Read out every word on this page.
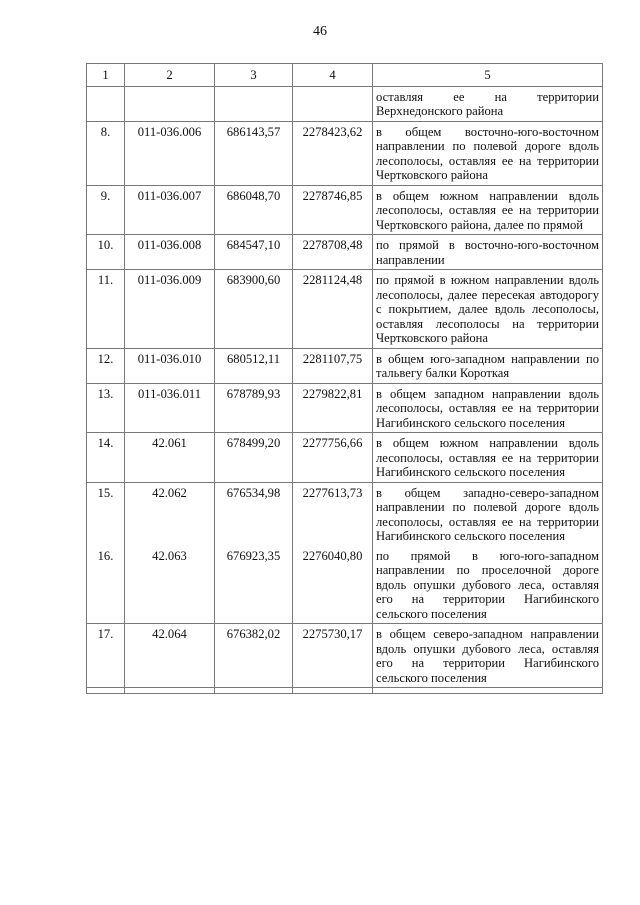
46
1	2	3	4	5
				оставляя ее на территории Верхнедонского района
8.	011-036.006	686143,57	2278423,62	в общем восточно-юго-восточном направлении по полевой дороге вдоль лесополосы, оставляя ее на территории Чертковского района
9.	011-036.007	686048,70	2278746,85	в общем южном направлении вдоль лесополосы, оставляя ее на территории Чертковского района, далее по прямой
10.	011-036.008	684547,10	2278708,48	по прямой в восточно-юго-восточном направлении
11.	011-036.009	683900,60	2281124,48	по прямой в южном направлении вдоль лесополосы, далее пересекая автодорогу с покрытием, далее вдоль лесополосы, оставляя лесополосы на территории Чертковского района
12.	011-036.010	680512,11	2281107,75	в общем юго-западном направлении по тальвегу балки Короткая
13.	011-036.011	678789,93	2279822,81	в общем западном направлении вдоль лесополосы, оставляя ее на территории Нагибинского сельского поселения
14.	42.061	678499,20	2277756,66	в общем южном направлении вдоль лесополосы, оставляя ее на территории Нагибинского сельского поселения
15.	42.062	676534,98	2277613,73	в общем западно-северо-западном направлении по полевой дороге вдоль лесополосы, оставляя ее на территории Нагибинского сельского поселения
16.	42.063	676923,35	2276040,80	по прямой в юго-юго-западном направлении по проселочной дороге вдоль опушки дубового леса, оставляя его на территории Нагибинского сельского поселения
17.	42.064	676382,02	2275730,17	в общем северо-западном направлении вдоль опушки дубового леса, оставляя его на территории Нагибинского сельского поселения
